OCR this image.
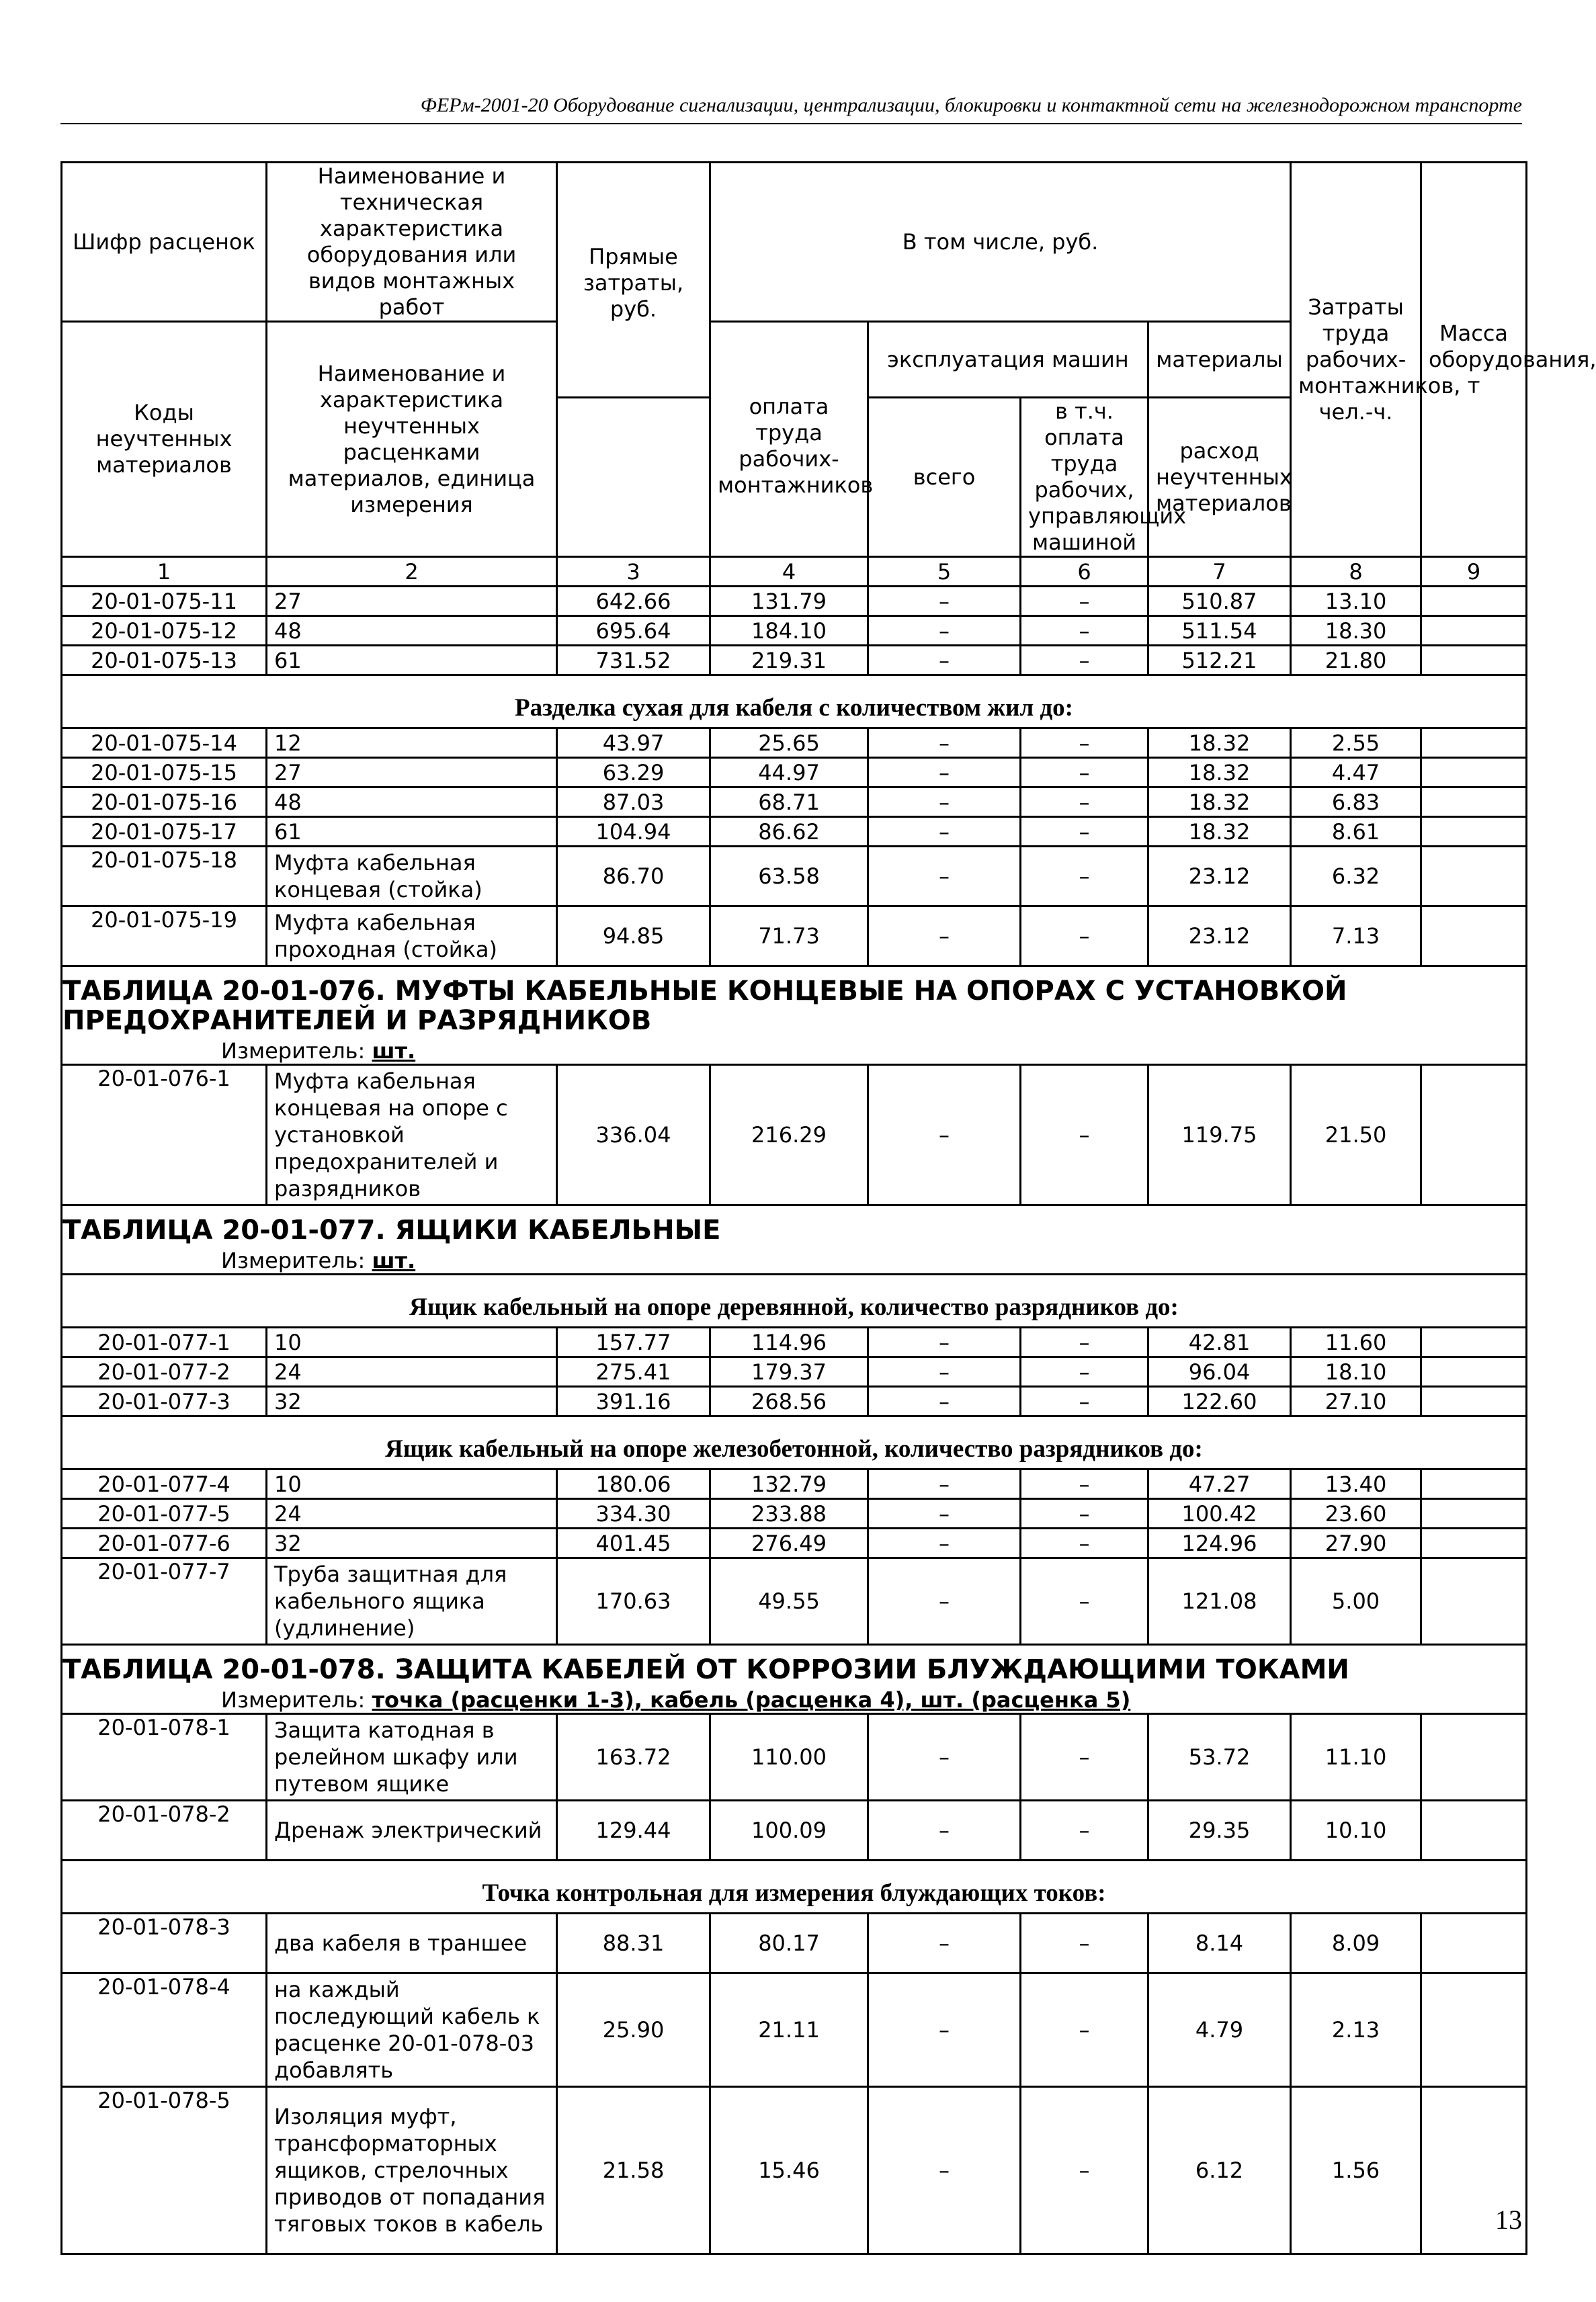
ФЕРм-2001-20 Оборудование сигнализации, централизации, блокировки и контактной сети на железнодорожном транспорте
Шифр расценок	Наименование и техническая характеристика оборудования или видов монтажных работ	Прямые затраты, руб.	В том числе, руб.				Затраты труда рабочих-монтажников, чел.-ч.	Масса оборудования, т
Коды неучтенных материалов	Наименование и характеристика неучтенных расценками материалов, единица измерения		оплата труда рабочих-монтажников	эксплуатация машин		материалы		
				всего	в т.ч. оплата труда рабочих, управляющих машиной	расход неучтенных материалов		
1	2	3	4	5	6	7	8	9
20-01-075-11	27	642.66	131.79	–	–	510.87	13.10	
20-01-075-12	48	695.64	184.10	–	–	511.54	18.30	
20-01-075-13	61	731.52	219.31	–	–	512.21	21.80	
Разделка сухая для кабеля с количеством жил до:								
20-01-075-14	12	43.97	25.65	–	–	18.32	2.55	
20-01-075-15	27	63.29	44.97	–	–	18.32	4.47	
20-01-075-16	48	87.03	68.71	–	–	18.32	6.83	
20-01-075-17	61	104.94	86.62	–	–	18.32	8.61	
20-01-075-18	Муфта кабельная концевая (стойка)	86.70	63.58	–	–	23.12	6.32	
20-01-075-19	Муфта кабельная проходная (стойка)	94.85	71.73	–	–	23.12	7.13	
ТАБЛИЦА 20-01-076. МУФТЫ КАБЕЛЬНЫЕ КОНЦЕВЫЕ НА ОПОРАХ С УСТАНОВКОЙ ПРЕДОХРАНИТЕЛЕЙ И РАЗРЯДНИКОВ								
Измеритель: шт.								
20-01-076-1	Муфта кабельная концевая на опоре с установкой предохранителей и разрядников	336.04	216.29	–	–	119.75	21.50	
ТАБЛИЦА 20-01-077. ЯЩИКИ КАБЕЛЬНЫЕ								
Измеритель: шт.								
Ящик кабельный на опоре деревянной, количество разрядников до:								
20-01-077-1	10	157.77	114.96	–	–	42.81	11.60	
20-01-077-2	24	275.41	179.37	–	–	96.04	18.10	
20-01-077-3	32	391.16	268.56	–	–	122.60	27.10	
Ящик кабельный на опоре железобетонной, количество разрядников до:								
20-01-077-4	10	180.06	132.79	–	–	47.27	13.40	
20-01-077-5	24	334.30	233.88	–	–	100.42	23.60	
20-01-077-6	32	401.45	276.49	–	–	124.96	27.90	
20-01-077-7	Труба защитная для кабельного ящика (удлинение)	170.63	49.55	–	–	121.08	5.00	
ТАБЛИЦА 20-01-078. ЗАЩИТА КАБЕЛЕЙ ОТ КОРРОЗИИ БЛУЖДАЮЩИМИ ТОКАМИ								
Измеритель: точка (расценки 1-3), кабель (расценка 4), шт. (расценка 5)								
20-01-078-1	Защита катодная в релейном шкафу или путевом ящике	163.72	110.00	–	–	53.72	11.10	
20-01-078-2	Дренаж электрический	129.44	100.09	–	–	29.35	10.10	
Точка контрольная для измерения блуждающих токов:								
20-01-078-3	два кабеля в траншее	88.31	80.17	–	–	8.14	8.09	
20-01-078-4	на каждый последующий кабель к расценке 20-01-078-03 добавлять	25.90	21.11	–	–	4.79	2.13	
20-01-078-5	Изоляция муфт, трансформаторных ящиков, стрелочных приводов от попадания тяговых токов в кабель	21.58	15.46	–	–	6.12	1.56	
13
